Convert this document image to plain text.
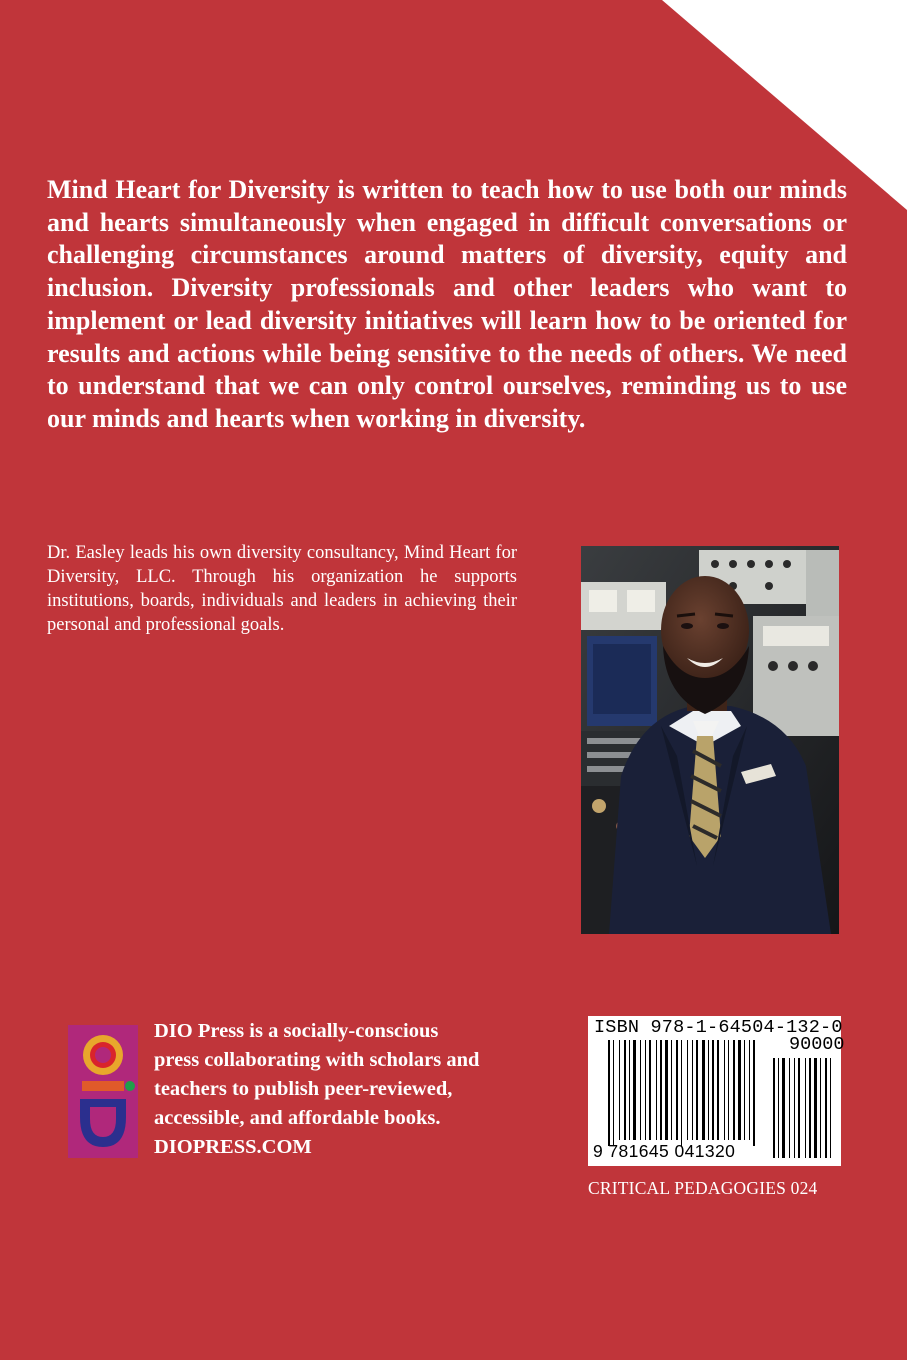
Mind Heart for Diversity is written to teach how to use both our minds and hearts simultaneously when engaged in difficult conversations or challenging circumstances around matters of diversity, equity and inclusion. Diversity professionals and other leaders who want to implement or lead diversity initiatives will learn how to be oriented for results and actions while being sensitive to the needs of others. We need to understand that we can only control ourselves, reminding us to use our minds and hearts when working in diversity.
Dr. Easley leads his own diversity consultancy, Mind Heart for Diversity, LLC. Through his organization he supports institutions, boards, individuals and leaders in achieving their personal and professional goals.
DIO Press is a socially-conscious
press collaborating with scholars and
teachers to publish peer-reviewed,
accessible, and affordable books.
DIOPRESS.COM
ISBN 978-1-64504-132-0
90000
9 781645 041320
CRITICAL PEDAGOGIES 024
